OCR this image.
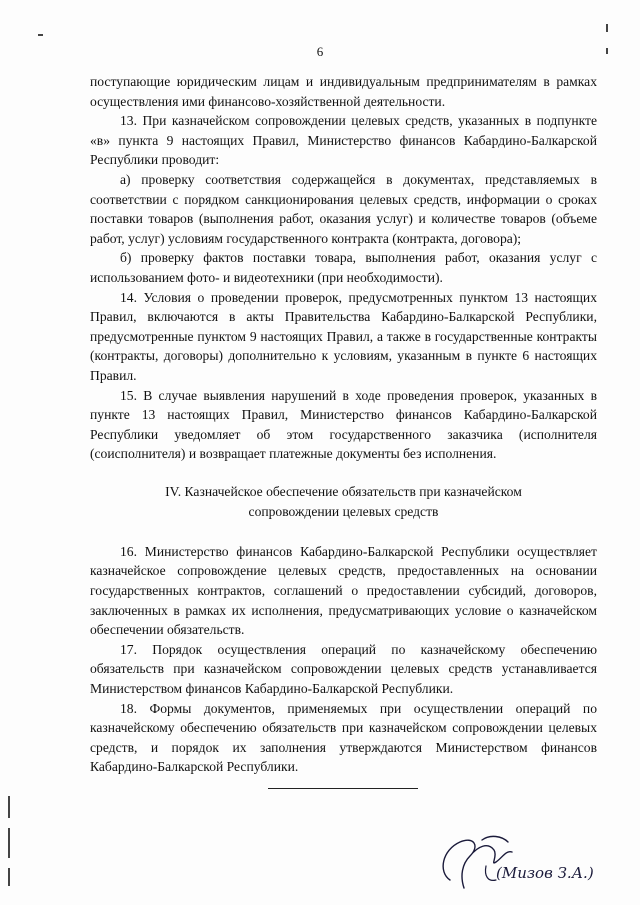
6

поступающие юридическим лицам и индивидуальным предпринимателям в рамках осуществления ими финансово-хозяйственной деятельности.

13. При казначейском сопровождении целевых средств, указанных в подпункте «в» пункта 9 настоящих Правил, Министерство финансов Кабардино-Балкарской Республики проводит:

а) проверку соответствия содержащейся в документах, представляемых в соответствии с порядком санкционирования целевых средств, информации о сроках поставки товаров (выполнения работ, оказания услуг) и количестве товаров (объеме работ, услуг) условиям государственного контракта (контракта, договора);

б) проверку фактов поставки товара, выполнения работ, оказания услуг с использованием фото- и видеотехники (при необходимости).

14. Условия о проведении проверок, предусмотренных пунктом 13 настоящих Правил, включаются в акты Правительства Кабардино-Балкарской Республики, предусмотренные пунктом 9 настоящих Правил, а также в государственные контракты (контракты, договоры) дополнительно к условиям, указанным в пункте 6 настоящих Правил.

15. В случае выявления нарушений в ходе проведения проверок, указанных в пункте 13 настоящих Правил, Министерство финансов Кабардино-Балкарской Республики уведомляет об этом государственного заказчика (исполнителя (соисполнителя) и возвращает платежные документы без исполнения.

IV. Казначейское обеспечение обязательств при казначейском
сопровождении целевых средств

16. Министерство финансов Кабардино-Балкарской Республики осуществляет казначейское сопровождение целевых средств, предоставленных на основании государственных контрактов, соглашений о предоставлении субсидий, договоров, заключенных в рамках их исполнения, предусматривающих условие о казначейском обеспечении обязательств.

17. Порядок осуществления операций по казначейскому обеспечению обязательств при казначейском сопровождении целевых средств устанавливается Министерством финансов Кабардино-Балкарской Республики.

18. Формы документов, применяемых при осуществлении операций по казначейскому обеспечению обязательств при казначейском сопровождении целевых средств, и порядок их заполнения утверждаются Министерством финансов Кабардино-Балкарской Республики.

(Мизов З.А.)
